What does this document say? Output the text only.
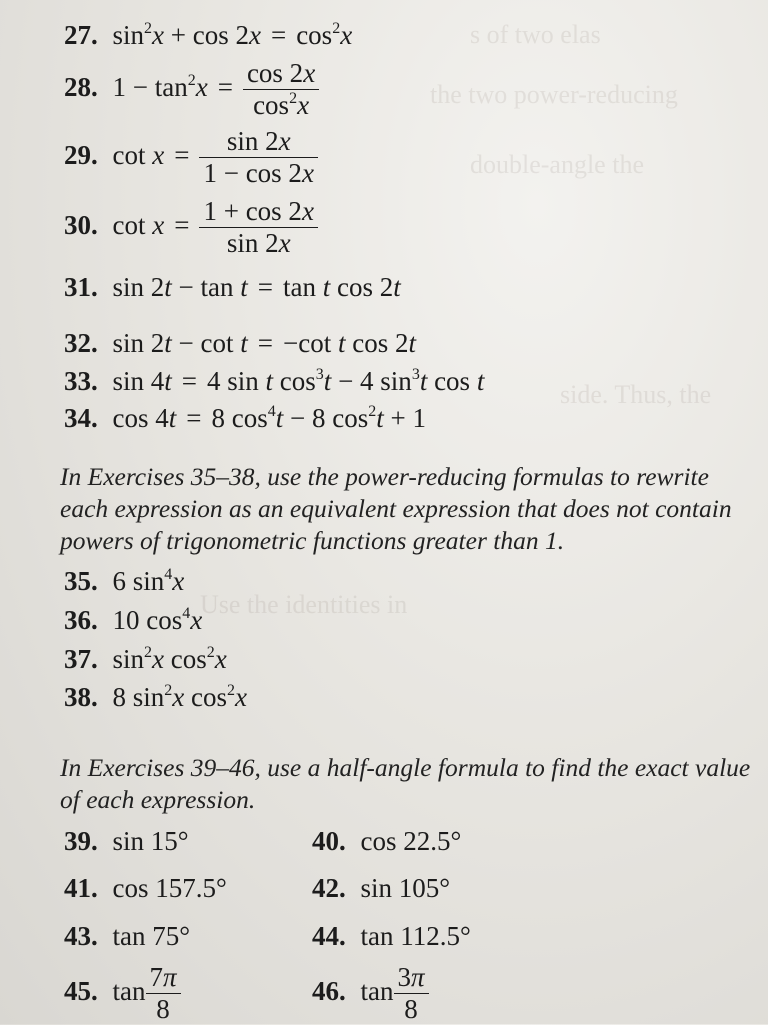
s of two elas
the two power-reducing
double-angle the
side. Thus, the
Use the identities in
27. $\sin^2x + \cos 2x = \cos^2x$
28. $1 - \tan^2x = \frac{\cos 2x}{\cos^2x}$
29. $\cot x = \frac{\sin 2x}{1 - \cos 2x}$
30. $\cot x = \frac{1 + \cos 2x}{\sin 2x}$
31. sin 2t − tan t = tan t cos 2t
32. sin 2t − cot t = −cot t cos 2t
33. sin 4t = 4 sin t $\cos^3t - 4$ $\sin^3t$ cos t
34. cos 4t = 8 $\cos^4t - 8$ $\cos^2t + 1$
In Exercises 35–38, use the power-reducing formulas to rewrite each expression as an equivalent expression that does not contain powers of trigonometric functions greater than 1.
35. 6 $\sin^4x$
36. 10 $\cos^4x$
37. $\sin^2x$ $\cos^2x$
38. 8 $\sin^2x$ $\cos^2x$
In Exercises 39–46, use a half-angle formula to find the exact value of each expression.
39. sin 15°	40. cos 22.5°
41. cos 157.5°	42. sin 105°
43. tan 75°	44. tan 112.5°
45. $\tan \frac{7\pi}{8}$	46. $\tan \frac{3\pi}{8}$
